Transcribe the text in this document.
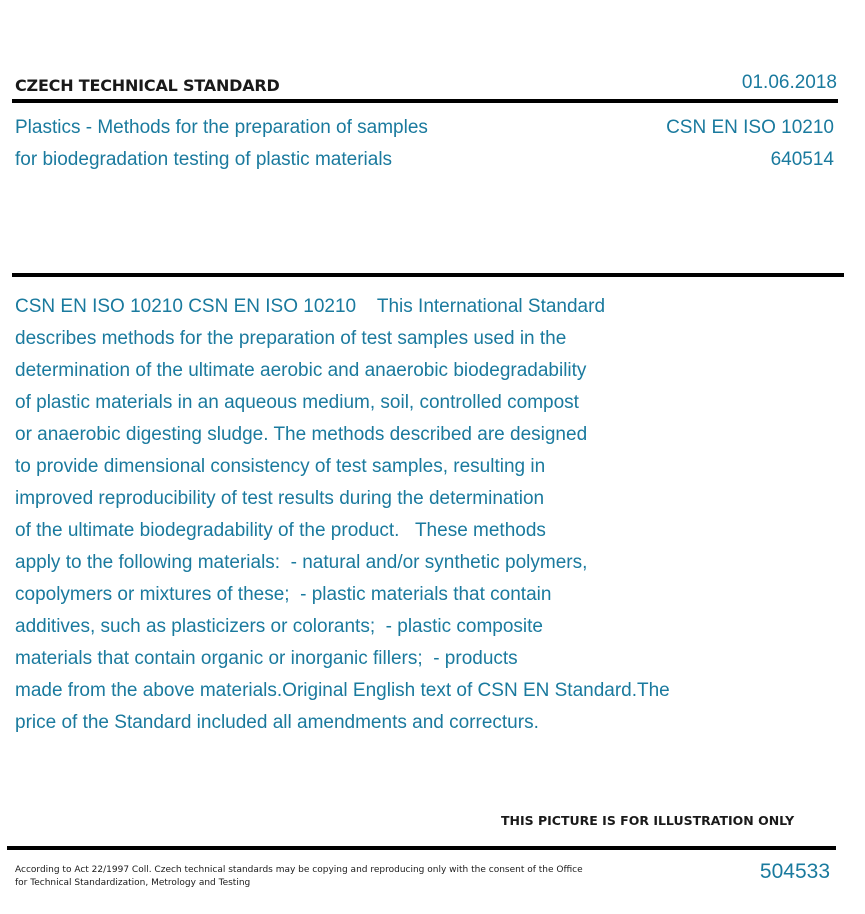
CZECH TECHNICAL STANDARD	01.06.2018
Plastics - Methods for the preparation of samples
for biodegradation testing of plastic materials
CSN EN ISO 10210
640514
CSN EN ISO 10210 CSN EN ISO 10210    This International Standard
describes methods for the preparation of test samples used in the
determination of the ultimate aerobic and anaerobic biodegradability
of plastic materials in an aqueous medium, soil, controlled compost
or anaerobic digesting sludge. The methods described are designed
to provide dimensional consistency of test samples, resulting in
improved reproducibility of test results during the determination
of the ultimate biodegradability of the product.   These methods
apply to the following materials:  - natural and/or synthetic polymers,
copolymers or mixtures of these;  - plastic materials that contain
additives, such as plasticizers or colorants;  - plastic composite
materials that contain organic or inorganic fillers;  - products
made from the above materials.Original English text of CSN EN Standard.The
price of the Standard included all amendments and correcturs.
THIS PICTURE IS FOR ILLUSTRATION ONLY
According to Act 22/1997 Coll. Czech technical standards may be copying and reproducing only with the consent of the Office
for Technical Standardization, Metrology and Testing	504533
